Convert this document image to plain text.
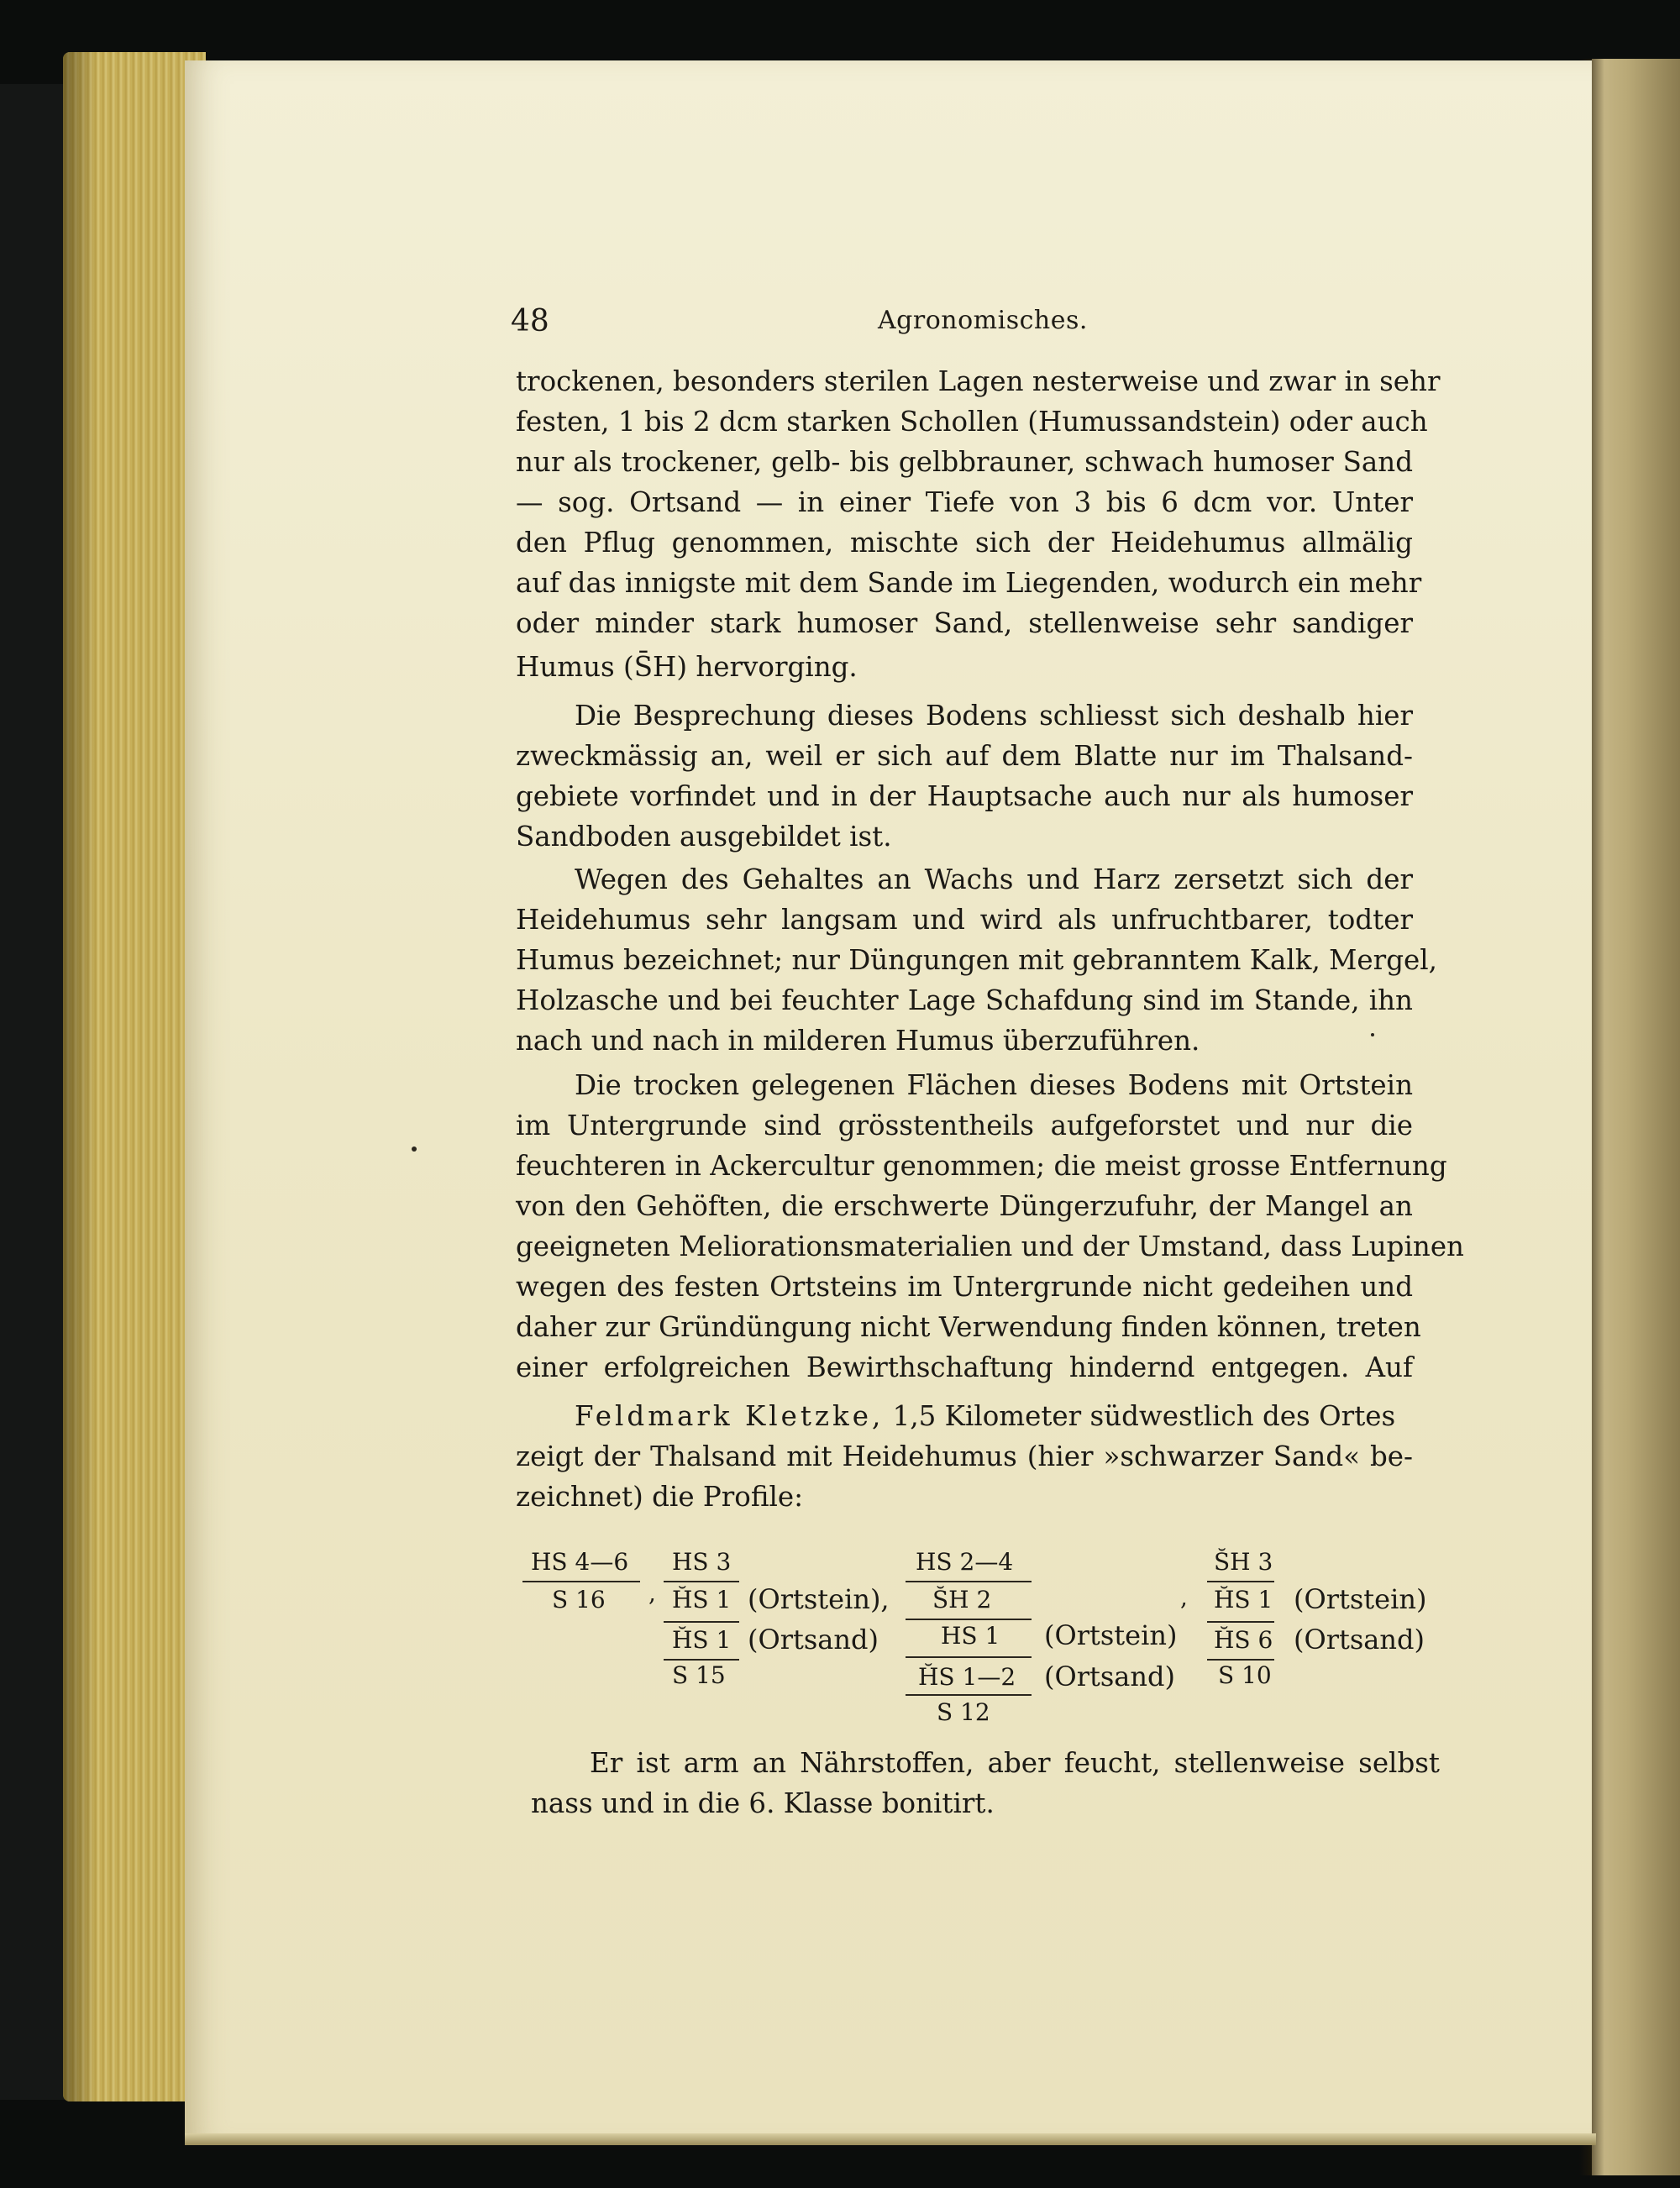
48	Agronomisches.
trockenen, besonders sterilen Lagen nesterweise und zwar in sehr
festen, 1 bis 2 dcm starken Schollen (Humussandstein) oder auch
nur als trockener, gelb- bis gelbbrauner, schwach humoser Sand
— sog. Ortsand — in einer Tiefe von 3 bis 6 dcm vor. Unter
den Pflug genommen, mischte sich der Heidehumus allmälig
auf das innigste mit dem Sande im Liegenden, wodurch ein mehr
oder minder stark humoser Sand, stellenweise sehr sandiger
Humus (S̄H) hervorging.
Die Besprechung dieses Bodens schliesst sich deshalb hier
zweckmässig an, weil er sich auf dem Blatte nur im Thalsand-
gebiete vorfindet und in der Hauptsache auch nur als humoser
Sandboden ausgebildet ist.
Wegen des Gehaltes an Wachs und Harz zersetzt sich der
Heidehumus sehr langsam und wird als unfruchtbarer, todter
Humus bezeichnet; nur Düngungen mit gebranntem Kalk, Mergel,
Holzasche und bei feuchter Lage Schafdung sind im Stande, ihn
nach und nach in milderen Humus überzuführen.
Die trocken gelegenen Flächen dieses Bodens mit Ortstein
im Untergrunde sind grösstentheils aufgeforstet und nur die
feuchteren in Ackercultur genommen; die meist grosse Entfernung
von den Gehöften, die erschwerte Düngerzufuhr, der Mangel an
geeigneten Meliorationsmaterialien und der Umstand, dass Lupinen
wegen des festen Ortsteins im Untergrunde nicht gedeihen und
daher zur Gründüngung nicht Verwendung finden können, treten
einer erfolgreichen Bewirthschaftung hindernd entgegen. Auf
Feldmark Kletzke, 1,5 Kilometer südwestlich des Ortes
zeigt der Thalsand mit Heidehumus (hier »schwarzer Sand« be-
zeichnet) die Profile:
HS 4—6
S 16 ,
HS 3
H̆S 1 (Ortstein),
H̆S 1 (Ortsand)
S 15
HS 2—4
S̆H 2
HS 1 (Ortstein)
H̆S 1—2 (Ortsand)
S 12
,
S̆H 3
H̆S 1 (Ortstein)
H̆S 6 (Ortsand)
S 10
Er ist arm an Nährstoffen, aber feucht, stellenweise selbst
nass und in die 6. Klasse bonitirt.
